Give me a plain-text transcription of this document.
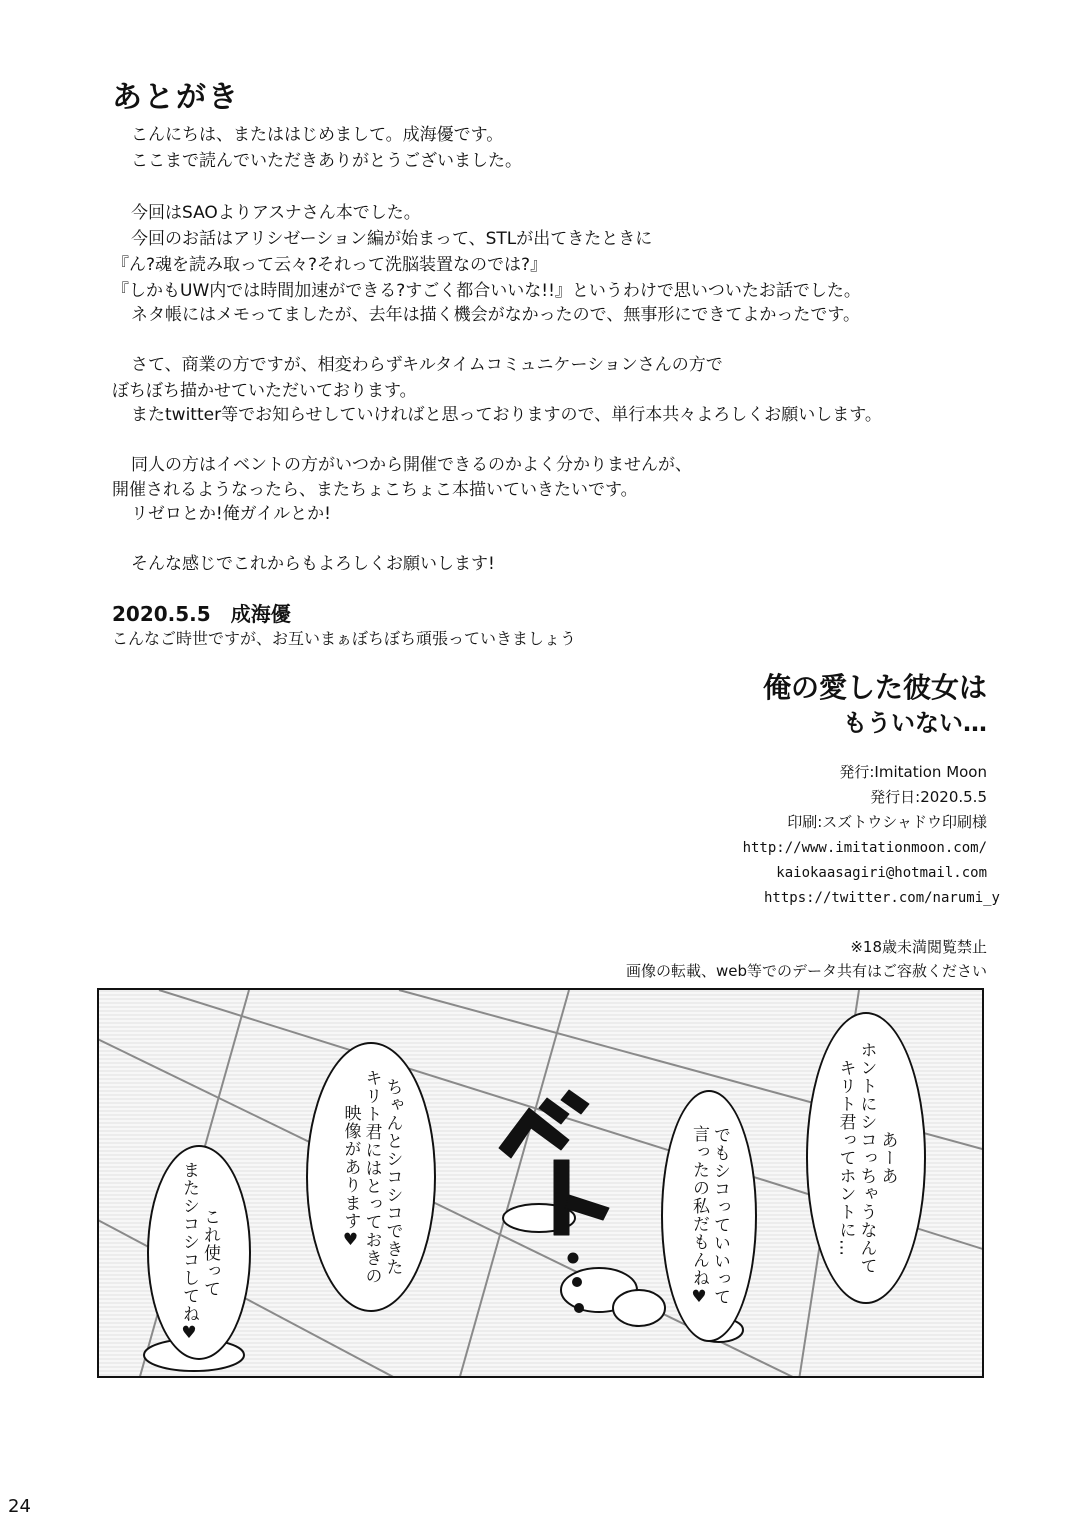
あとがき
こんにちは、またははじめまして。成海優です。
ここまで読んでいただきありがとうございました。
今回はSAOよりアスナさん本でした。
今回のお話はアリシゼーション編が始まって、STLが出てきたときに
『ん?魂を読み取って云々?それって洗脳装置なのでは?』
『しかもUW内では時間加速ができる?すごく都合いいな!!』というわけで思いついたお話でした。
ネタ帳にはメモってましたが、去年は描く機会がなかったので、無事形にできてよかったです。
さて、商業の方ですが、相変わらずキルタイムコミュニケーションさんの方で
ぼちぼち描かせていただいております。
またtwitter等でお知らせしていければと思っておりますので、単行本共々よろしくお願いします。
同人の方はイベントの方がいつから開催できるのかよく分かりませんが、
開催されるようなったら、またちょこちょこ本描いていきたいです。
リゼロとか!俺ガイルとか!
そんな感じでこれからもよろしくお願いします!
2020.5.5　成海優
こんなご時世ですが、お互いまぁぼちぼち頑張っていきましょう
俺の愛した彼女は
もういない…
発行:Imitation Moon
発行日:2020.5.5
印刷:スズトウシャドウ印刷様
http://www.imitationmoon.com/
kaiokaasagiri@hotmail.com
https://twitter.com/narumi_y
※18歳未満閲覧禁止
画像の転載、web等でのデータ共有はご容赦ください
あーあ
ホントにシコっちゃうなんて
キリト君ってホントに…
でもシコっていいって
言ったの私だもんね♥
ちゃんとシコシコできた
キリト君にはとっておきの
映像があります♥
これ使って
またシコシコしてね♥
24
